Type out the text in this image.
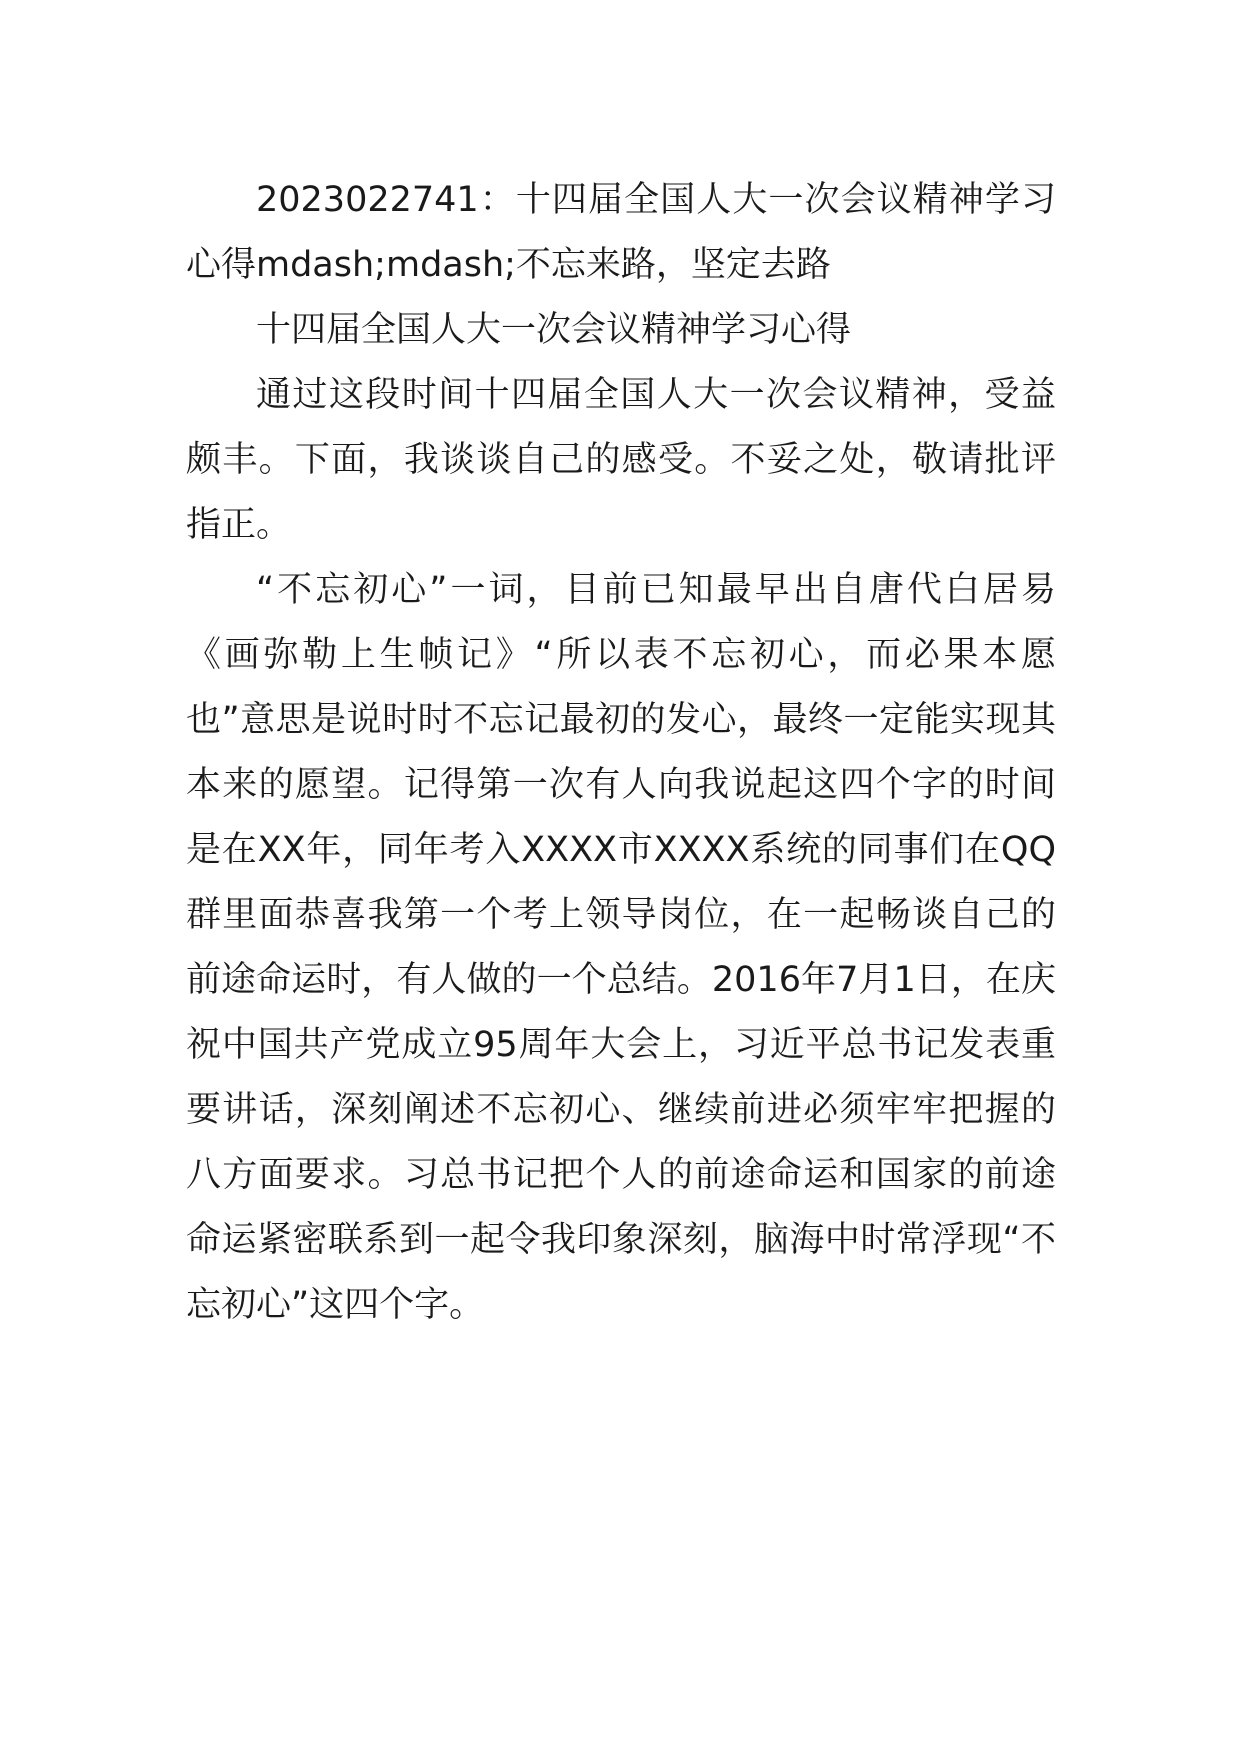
2023022741：十四届全国人大一次会议精神学习心得mdash;mdash;不忘来路，坚定去路

十四届全国人大一次会议精神学习心得

通过这段时间十四届全国人大一次会议精神，受益颇丰。下面，我谈谈自己的感受。不妥之处，敬请批评指正。

“不忘初心”一词，目前已知最早出自唐代白居易《画弥勒上生帧记》“所以表不忘初心，而必果本愿也”意思是说时时不忘记最初的发心，最终一定能实现其本来的愿望。记得第一次有人向我说起这四个字的时间是在XX年，同年考入XXXX市XXXX系统的同事们在QQ群里面恭喜我第一个考上领导岗位，在一起畅谈自己的前途命运时，有人做的一个总结。2016年7月1日，在庆祝中国共产党成立95周年大会上，习近平总书记发表重要讲话，深刻阐述不忘初心、继续前进必须牢牢把握的八方面要求。习总书记把个人的前途命运和国家的前途命运紧密联系到一起令我印象深刻，脑海中时常浮现“不忘初心”这四个字。
